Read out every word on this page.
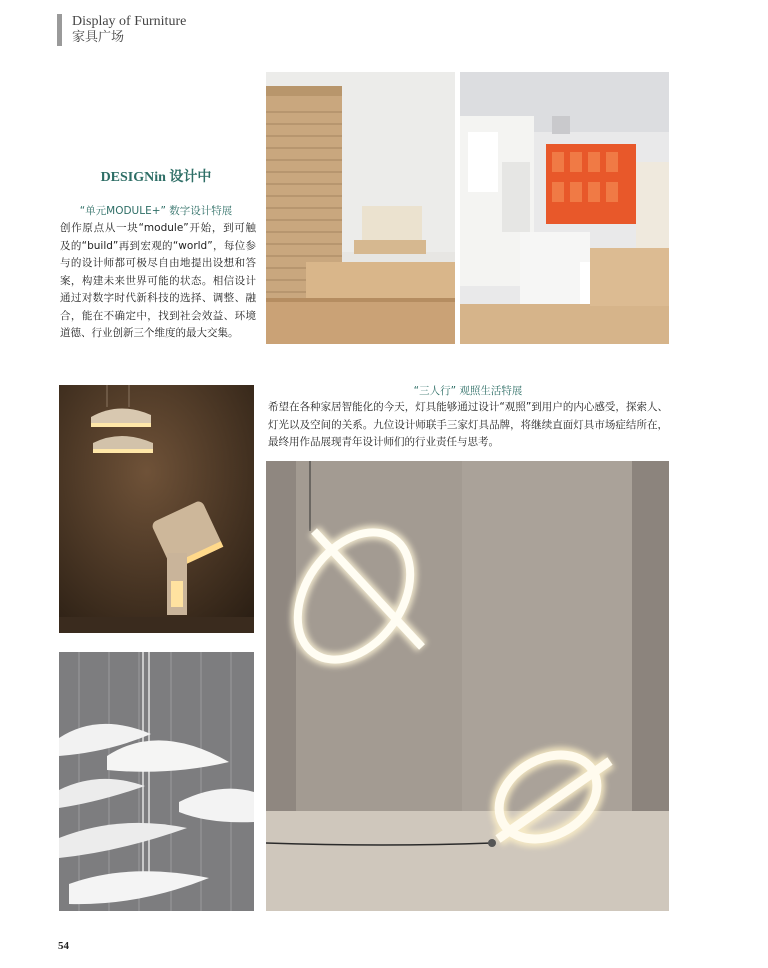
Display of Furniture
家具广场
DESIGNin 设计中
“单元MODULE+” 数字设计特展
创作原点从一块“module”开始，到可触及的“build”再到宏观的“world”，每位参与的设计师都可极尽自由地提出设想和答案，构建未来世界可能的状态。相信设计通过对数字时代新科技的选择、调整、融合，能在不确定中，找到社会效益、环境道德、行业创新三个维度的最大交集。
“三人行” 观照生活特展
希望在各种家居智能化的今天，灯具能够通过设计“观照”到用户的内心感受，探索人、灯光以及空间的关系。九位设计师联手三家灯具品牌，将继续直面灯具市场症结所在，最终用作品展现青年设计师们的行业责任与思考。
54
